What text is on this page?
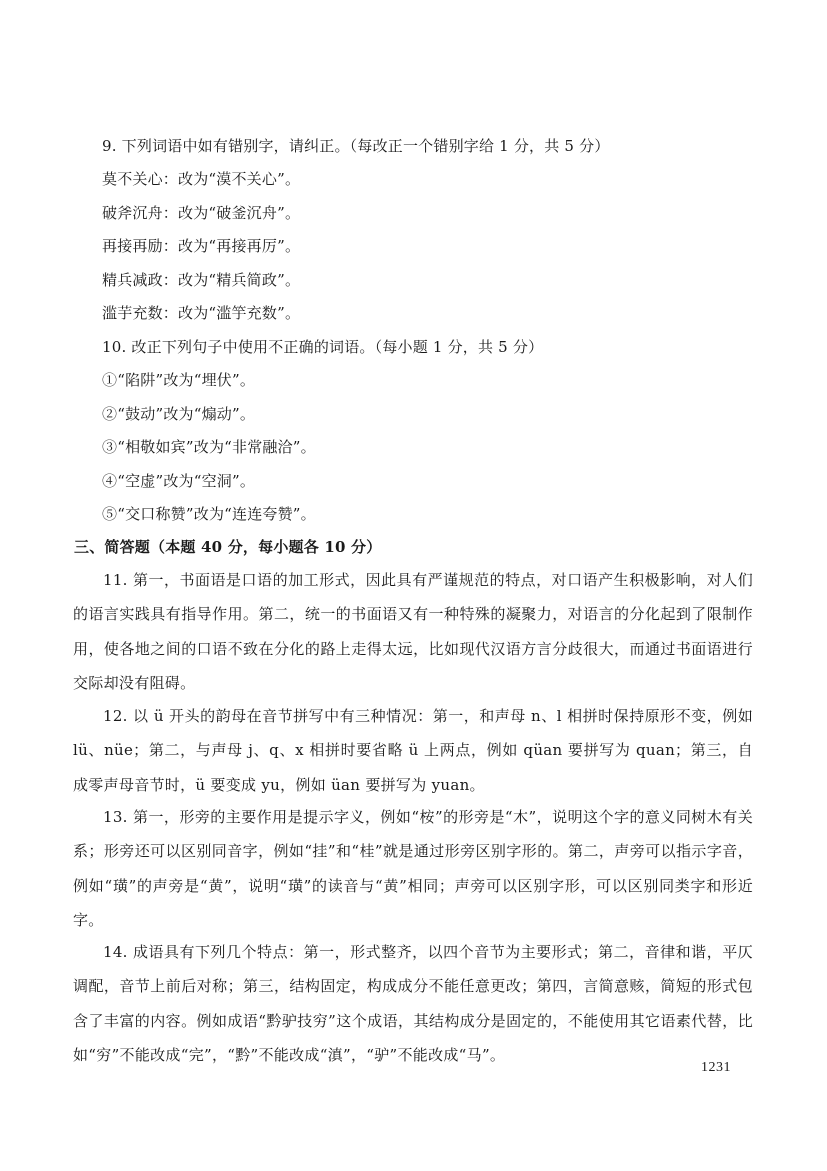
9. 下列词语中如有错别字，请纠正。（每改正一个错别字给 1 分，共 5 分）
莫不关心：改为“漠不关心”。
破斧沉舟：改为“破釜沉舟”。
再接再励：改为“再接再厉”。
精兵减政：改为“精兵简政”。
滥芋充数：改为“滥竽充数”。
10. 改正下列句子中使用不正确的词语。（每小题 1 分，共 5 分）
①“陷阱”改为“埋伏”。
②“鼓动”改为“煽动”。
③“相敬如宾”改为“非常融洽”。
④“空虚”改为“空洞”。
⑤“交口称赞”改为“连连夸赞”。
三、简答题（本题 40 分，每小题各 10 分）
11. 第一，书面语是口语的加工形式，因此具有严谨规范的特点，对口语产生积极影响，对人们的语言实践具有指导作用。第二，统一的书面语又有一种特殊的凝聚力，对语言的分化起到了限制作用，使各地之间的口语不致在分化的路上走得太远，比如现代汉语方言分歧很大，而通过书面语进行交际却没有阻碍。
12. 以 ü 开头的韵母在音节拼写中有三种情况：第一，和声母 n、l 相拼时保持原形不变，例如 lü、nüe；第二，与声母 j、q、x 相拼时要省略 ü 上两点，例如 qüan 要拼写为 quan；第三，自成零声母音节时，ü 要变成 yu，例如 üan 要拼写为 yuan。
13. 第一，形旁的主要作用是提示字义，例如“桉”的形旁是“木”，说明这个字的意义同树木有关系；形旁还可以区别同音字，例如“挂”和“桂”就是通过形旁区别字形的。第二，声旁可以指示字音，例如“璜”的声旁是“黄”，说明“璜”的读音与“黄”相同；声旁可以区别字形，可以区别同类字和形近字。
14. 成语具有下列几个特点：第一，形式整齐，以四个音节为主要形式；第二，音律和谐，平仄调配，音节上前后对称；第三，结构固定，构成成分不能任意更改；第四，言简意赅，简短的形式包含了丰富的内容。例如成语“黔驴技穷”这个成语，其结构成分是固定的，不能使用其它语素代替，比如“穷”不能改成“完”，“黔”不能改成“滇”，“驴”不能改成“马”。
1231
